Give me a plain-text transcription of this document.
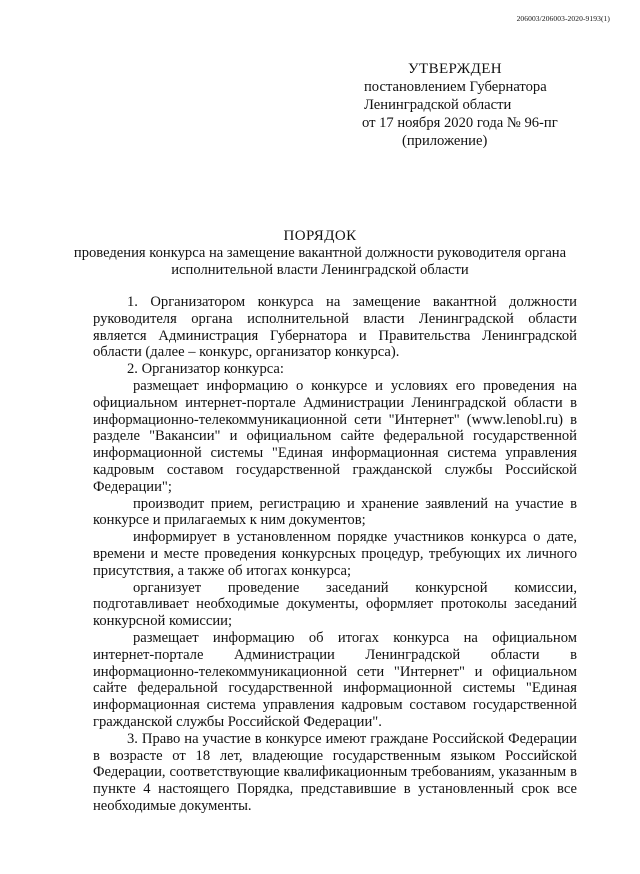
206003/206003-2020-9193(1)
УТВЕРЖДЕН
постановлением Губернатора
Ленинградской области
от 17 ноября 2020 года № 96-пг
(приложение)
ПОРЯДОК
проведения конкурса на замещение вакантной должности руководителя органа исполнительной власти Ленинградской области

1. Организатором конкурса на замещение вакантной должности руководителя органа исполнительной власти Ленинградской области является Администрация Губернатора и Правительства Ленинградской области (далее – конкурс, организатор конкурса).

2. Организатор конкурса:

размещает информацию о конкурсе и условиях его проведения на официальном интернет-портале Администрации Ленинградской области в информационно-телекоммуникационной сети "Интернет" (www.lenobl.ru) в разделе "Вакансии" и официальном сайте федеральной государственной информационной системы "Единая информационная система управления кадровым составом государственной гражданской службы Российской Федерации";

производит прием, регистрацию и хранение заявлений на участие в конкурсе и прилагаемых к ним документов;

информирует в установленном порядке участников конкурса о дате, времени и месте проведения конкурсных процедур, требующих их личного присутствия, а также об итогах конкурса;

организует проведение заседаний конкурсной комиссии, подготавливает необходимые документы, оформляет протоколы заседаний конкурсной комиссии;

размещает информацию об итогах конкурса на официальном интернет-портале Администрации Ленинградской области в информационно-телекоммуникационной сети "Интернет" и официальном сайте федеральной государственной информационной системы "Единая информационная система управления кадровым составом государственной гражданской службы Российской Федерации".

3. Право на участие в конкурсе имеют граждане Российской Федерации в возрасте от 18 лет, владеющие государственным языком Российской Федерации, соответствующие квалификационным требованиям, указанным в пункте 4 настоящего Порядка, представившие в установленный срок все необходимые документы.
